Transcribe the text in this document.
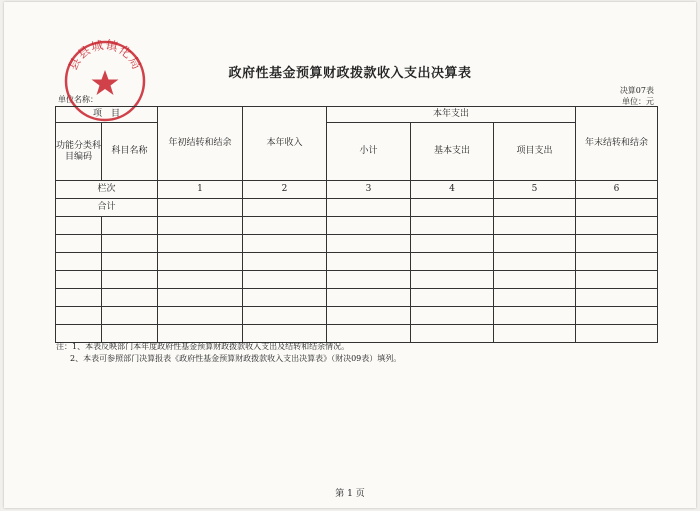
政府性基金预算财政拨款收入支出决算表
决算07表
单位：元
单位名称：
县县城镇化局
项　目		年初结转和结余	本年收入	本年支出			年末结转和结余
功能分类科目编码	科目名称			小计	基本支出	项目支出	
栏次		1	2	3	4	5	6
合计							

注：1、本表反映部门本年度政府性基金预算财政拨款收入支出及结转和结余情况。
2、本表可参照部门决算报表《政府性基金预算财政拨款收入支出决算表》（财决09表）填列。
第 1 页
